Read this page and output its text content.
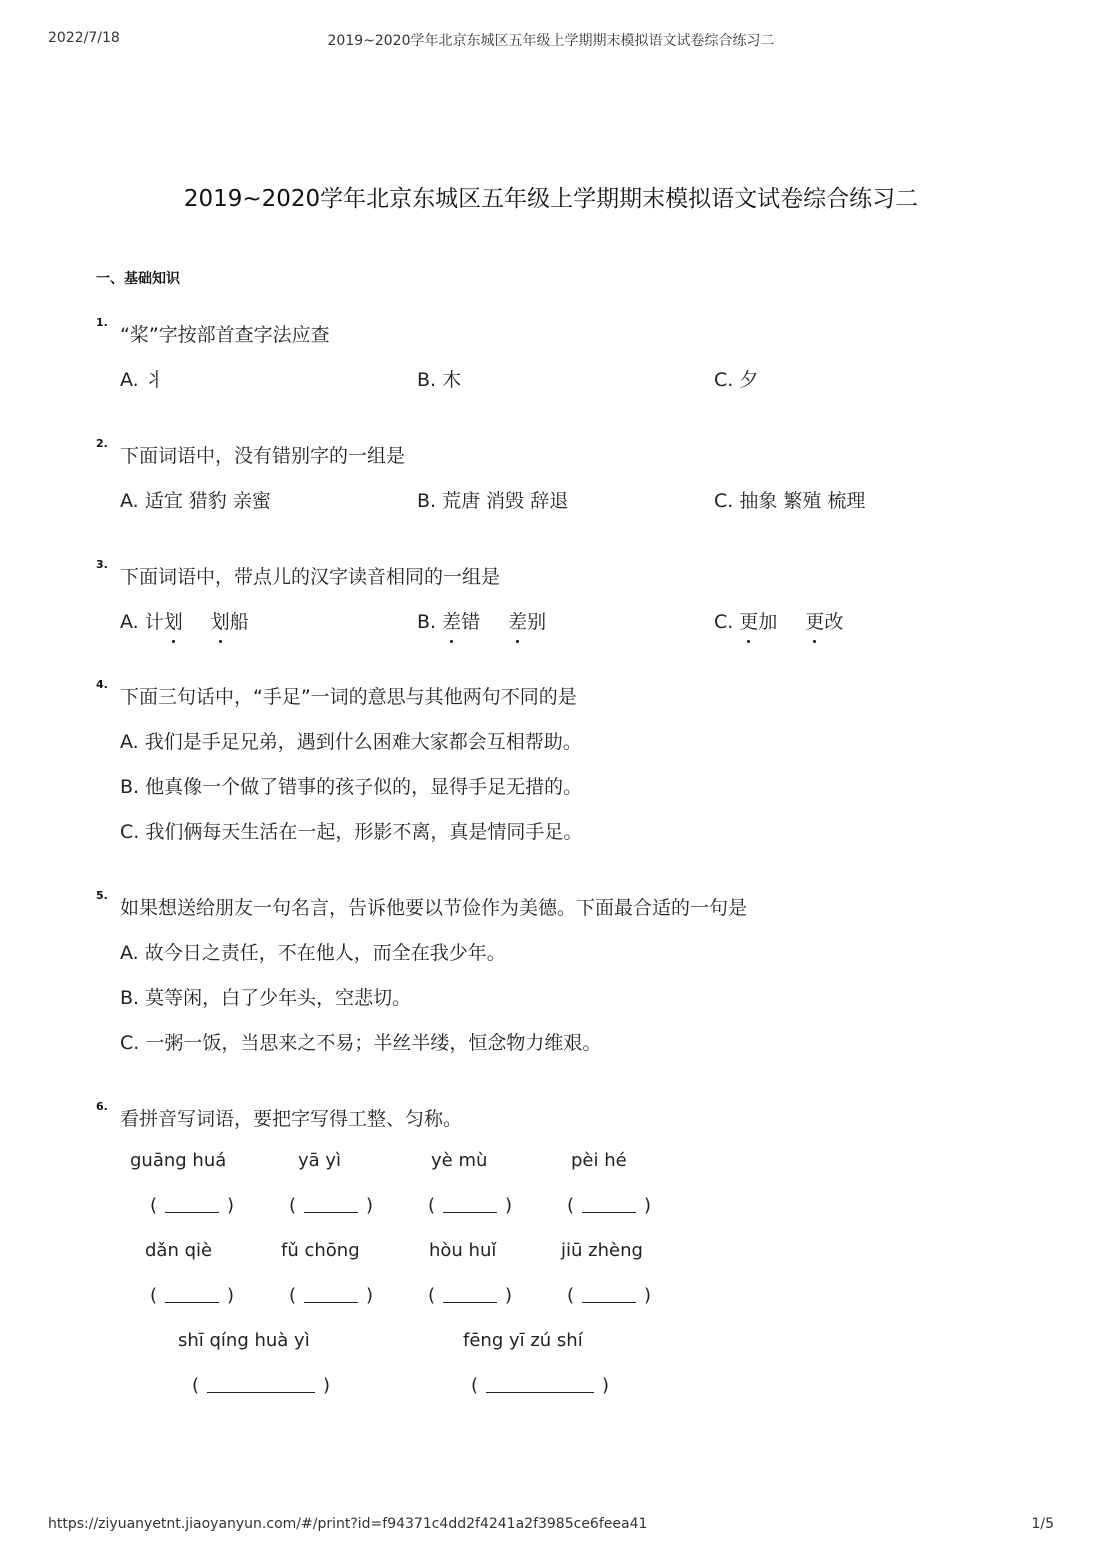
2022/7/18	2019~2020学年北京东城区五年级上学期期末模拟语文试卷综合练习二
2019~2020学年北京东城区五年级上学期期末模拟语文试卷综合练习二
一、基础知识
1.
“桨”字按部首查字法应查
A. 丬	B. 木	C. 夕
2.
下面词语中，没有错别字的一组是
A. 适宜 猎豹 亲蜜	B. 荒唐 消毁 辞退	C. 抽象 繁殖 梳理
3.
下面词语中，带点儿的汉字读音相同的一组是
A. 计划 划船	B. 差错 差别	C. 更加 更改
4.
下面三句话中，“手足”一词的意思与其他两句不同的是
A. 我们是手足兄弟，遇到什么困难大家都会互相帮助。
B. 他真像一个做了错事的孩子似的，显得手足无措的。
C. 我们俩每天生活在一起，形影不离，真是情同手足。
5.
如果想送给朋友一句名言，告诉他要以节俭作为美德。下面最合适的一句是
A. 故今日之责任，不在他人，而全在我少年。
B. 莫等闲，白了少年头，空悲切。
C. 一粥一饭，当思来之不易；半丝半缕，恒念物力维艰。
6.
看拼音写词语，要把字写得工整、匀称。
guāng huá	yā yì	yè mù	pèi hé
(	)	(	)	(	)	(	)
dǎn qiè	fǔ chōng	hòu huǐ	jiū zhèng
(	)	(	)	(	)	(	)
shī qíng huà yì	fēng yī zú shí
(	)	(	)
https://ziyuanyetnt.jiaoyanyun.com/#/print?id=f94371c4dd2f4241a2f3985ce6feea41	1/5
